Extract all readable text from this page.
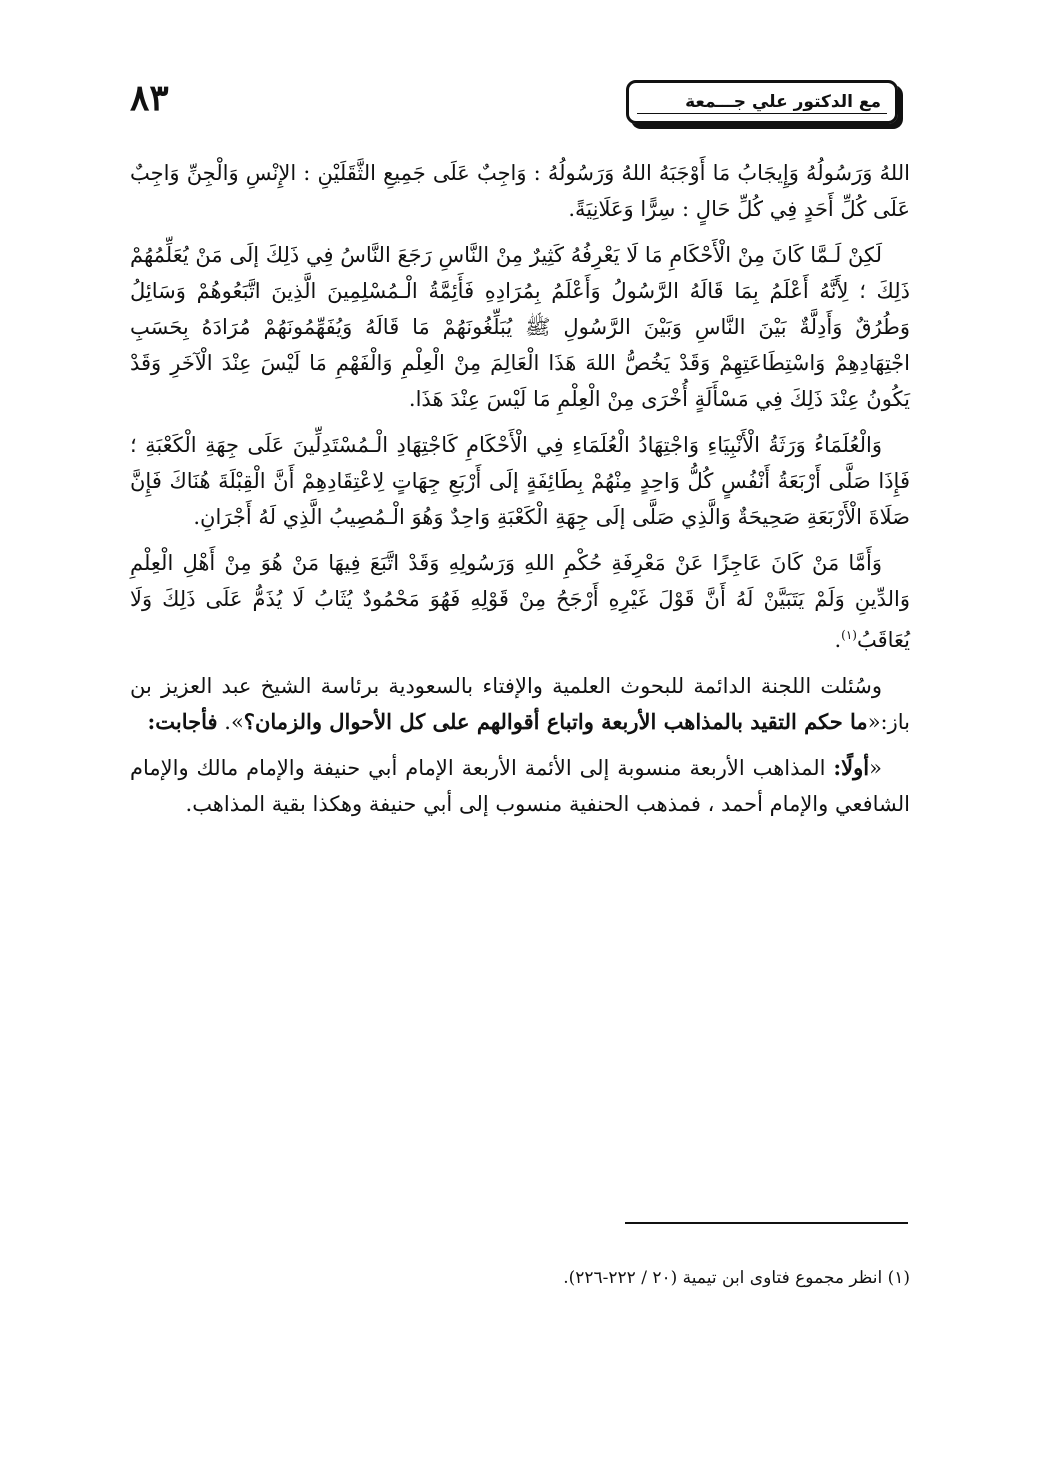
٨٣	مع الدكتور علي جـــمعة

اللهُ وَرَسُولُهُ وَإِيجَابُ مَا أَوْجَبَهُ اللهُ وَرَسُولُهُ : وَاجِبٌ عَلَى جَمِيعِ الثَّقَلَيْنِ : الإِنْسِ وَالْجِنِّ وَاجِبٌ عَلَى كُلِّ أَحَدٍ فِي كُلِّ حَالٍ : سِرًّا وَعَلَانِيَةً.

لَكِنْ لَـمَّا كَانَ مِنْ الْأَحْكَامِ مَا لَا يَعْرِفُهُ كَثِيرٌ مِنْ النَّاسِ رَجَعَ النَّاسُ فِي ذَلِكَ إلَى مَنْ يُعَلِّمُهُمْ ذَلِكَ ؛ لِأَنَّهُ أَعْلَمُ بِمَا قَالَهُ الرَّسُولُ وَأَعْلَمُ بِمُرَادِهِ فَأَئِمَّةُ الْـمُسْلِمِينَ الَّذِينَ اتَّبَعُوهُمْ وَسَائِلُ وَطُرُقٌ وَأَدِلَّةٌ بَيْنَ النَّاسِ وَبَيْنَ الرَّسُولِ ﷺ يُبَلِّغُونَهُمْ مَا قَالَهُ وَيُفَهِّمُونَهُمْ مُرَادَهُ بِحَسَبِ اجْتِهَادِهِمْ وَاسْتِطَاعَتِهِمْ وَقَدْ يَخُصُّ اللهَ هَذَا الْعَالِمَ مِنْ الْعِلْمِ وَالْفَهْمِ مَا لَيْسَ عِنْدَ الْآخَرِ وَقَدْ يَكُونُ عِنْدَ ذَلِكَ فِي مَسْأَلَةٍ أُخْرَى مِنْ الْعِلْمِ مَا لَيْسَ عِنْدَ هَذَا.

وَالْعُلَمَاءُ وَرَثَةُ الْأَنْبِيَاءِ وَاجْتِهَادُ الْعُلَمَاءِ فِي الْأَحْكَامِ كَاجْتِهَادِ الْـمُسْتَدِلِّينَ عَلَى جِهَةِ الْكَعْبَةِ ؛ فَإِذَا صَلَّى أَرْبَعَةُ أَنْفُسٍ كُلُّ وَاحِدٍ مِنْهُمْ بِطَائِفَةٍ إلَى أَرْبَعِ جِهَاتٍ لِاعْتِقَادِهِمْ أَنَّ الْقِبْلَةَ هُنَاكَ فَإِنَّ صَلَاةَ الْأَرْبَعَةِ صَحِيحَةٌ وَالَّذِي صَلَّى إلَى جِهَةِ الْكَعْبَةِ وَاحِدٌ وَهُوَ الْـمُصِيبُ الَّذِي لَهُ أَجْرَانِ.

وَأَمَّا مَنْ كَانَ عَاجِزًا عَنْ مَعْرِفَةِ حُكْمِ اللهِ وَرَسُولِهِ وَقَدْ اتَّبَعَ فِيهَا مَنْ هُوَ مِنْ أَهْلِ الْعِلْمِ وَالدِّينِ وَلَمْ يَتَبَيَّنْ لَهُ أَنَّ قَوْلَ غَيْرِهِ أَرْجَحُ مِنْ قَوْلِهِ فَهُوَ مَحْمُودٌ يُثَابُ لَا يُذَمُّ عَلَى ذَلِكَ وَلَا يُعَاقَبُ$^{(١)}$.

وسُئلت اللجنة الدائمة للبحوث العلمية والإفتاء بالسعودية برئاسة الشيخ عبد العزيز بن باز:«ما حكم التقيد بالمذاهب الأربعة واتباع أقوالهم على كل الأحوال والزمان؟». فأجابت:

«أولًا: المذاهب الأربعة منسوبة إلى الأئمة الأربعة الإمام أبي حنيفة والإمام مالك والإمام الشافعي والإمام أحمد ، فمذهب الحنفية منسوب إلى أبي حنيفة وهكذا بقية المذاهب.

(١) انظر مجموع فتاوى ابن تيمية (٢٠ / ٢٢٢-٢٢٦).
